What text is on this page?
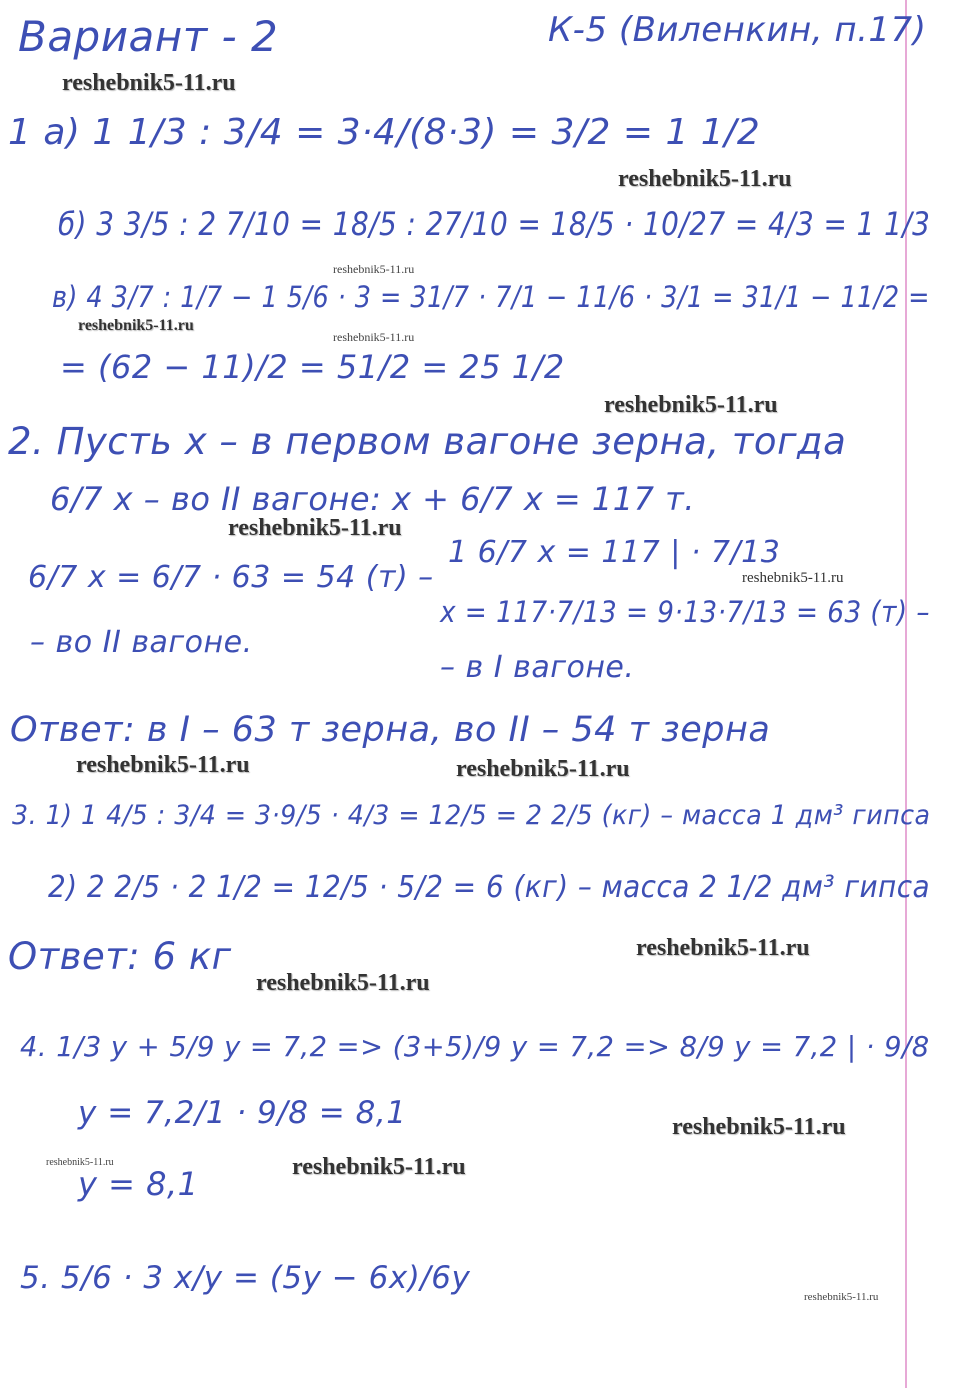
Вариант - 2	К-5 (Виленкин, п.17)
1 а) 1 1/3 : 3/4 = 3·4/(8·3) = 3/2 = 1 1/2
б) 3 3/5 : 2 7/10 = 18/5 : 27/10 = 18/5 · 10/27 = 4/3 = 1 1/3
в) 4 3/7 : 1/7 − 1 5/6 · 3 = 31/7 · 7/1 − 11/6 · 3/1 = 31/1 − 11/2 =
= (62 − 11)/2 = 51/2 = 25 1/2
2. Пусть x – в первом вагоне зерна, тогда
6/7 x – во II вагоне: x + 6/7 x = 117 т.
1 6/7 x = 117 | · 7/13
6/7 x = 6/7 · 63 = 54 (т) –
x = 117·7/13 = 9·13·7/13 = 63 (т) –
– во II вагоне.
– в I вагоне.
Ответ: в I – 63 т зерна, во II – 54 т зерна
3. 1) 1 4/5 : 3/4 = 3·9/5 · 4/3 = 12/5 = 2 2/5 (кг) – масса 1 дм³ гипса
2) 2 2/5 · 2 1/2 = 12/5 · 5/2 = 6 (кг) – масса 2 1/2 дм³ гипса
Ответ: 6 кг
4. 1/3 y + 5/9 y = 7,2 => (3+5)/9 y = 7,2 => 8/9 y = 7,2 | · 9/8
y = 7,2/1 · 9/8 = 8,1
y = 8,1
5. 5/6 · 3 x/y = (5y − 6x)/6y
reshebnik5-11.ru
reshebnik5-11.ru
reshebnik5-11.ru
reshebnik5-11.ru
reshebnik5-11.ru
reshebnik5-11.ru
reshebnik5-11.ru
reshebnik5-11.ru
reshebnik5-11.ru	reshebnik5-11.ru
reshebnik5-11.ru
reshebnik5-11.ru
reshebnik5-11.ru
reshebnik5-11.ru	reshebnik5-11.ru
reshebnik5-11.ru
